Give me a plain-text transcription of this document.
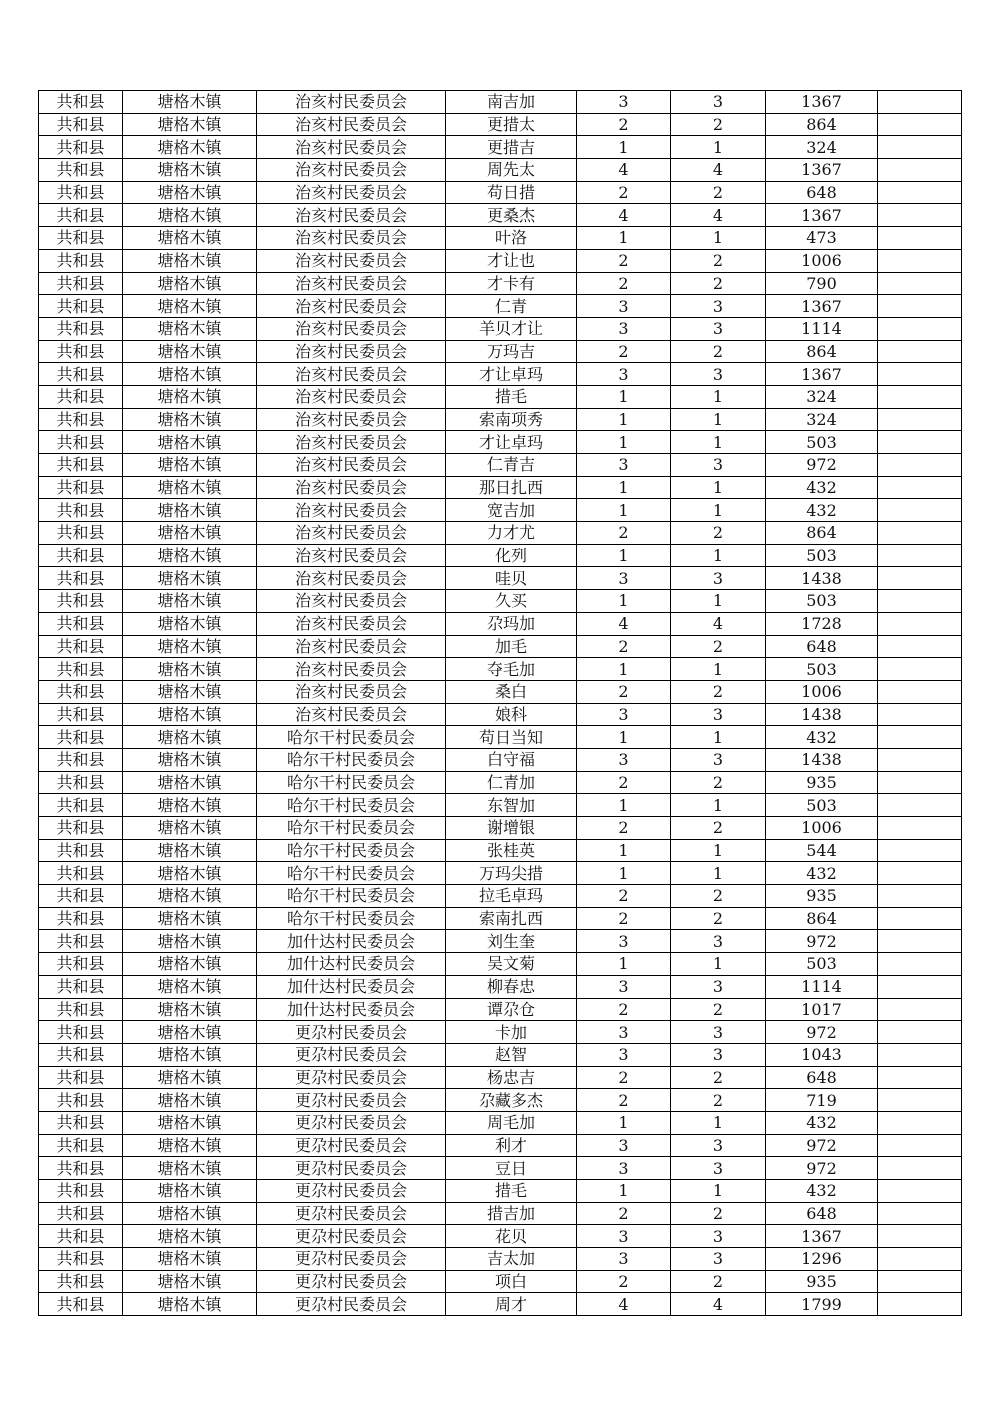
共和县	塘格木镇	治亥村民委员会	南吉加	3	3	1367	
共和县	塘格木镇	治亥村民委员会	更措太	2	2	864	
共和县	塘格木镇	治亥村民委员会	更措吉	1	1	324	
共和县	塘格木镇	治亥村民委员会	周先太	4	4	1367	
共和县	塘格木镇	治亥村民委员会	苟日措	2	2	648	
共和县	塘格木镇	治亥村民委员会	更桑杰	4	4	1367	
共和县	塘格木镇	治亥村民委员会	叶洛	1	1	473	
共和县	塘格木镇	治亥村民委员会	才让也	2	2	1006	
共和县	塘格木镇	治亥村民委员会	才卡有	2	2	790	
共和县	塘格木镇	治亥村民委员会	仁青	3	3	1367	
共和县	塘格木镇	治亥村民委员会	羊贝才让	3	3	1114	
共和县	塘格木镇	治亥村民委员会	万玛吉	2	2	864	
共和县	塘格木镇	治亥村民委员会	才让卓玛	3	3	1367	
共和县	塘格木镇	治亥村民委员会	措毛	1	1	324	
共和县	塘格木镇	治亥村民委员会	索南项秀	1	1	324	
共和县	塘格木镇	治亥村民委员会	才让卓玛	1	1	503	
共和县	塘格木镇	治亥村民委员会	仁青吉	3	3	972	
共和县	塘格木镇	治亥村民委员会	那日扎西	1	1	432	
共和县	塘格木镇	治亥村民委员会	宽吉加	1	1	432	
共和县	塘格木镇	治亥村民委员会	力才尤	2	2	864	
共和县	塘格木镇	治亥村民委员会	化列	1	1	503	
共和县	塘格木镇	治亥村民委员会	哇贝	3	3	1438	
共和县	塘格木镇	治亥村民委员会	久买	1	1	503	
共和县	塘格木镇	治亥村民委员会	尕玛加	4	4	1728	
共和县	塘格木镇	治亥村民委员会	加毛	2	2	648	
共和县	塘格木镇	治亥村民委员会	夺毛加	1	1	503	
共和县	塘格木镇	治亥村民委员会	桑白	2	2	1006	
共和县	塘格木镇	治亥村民委员会	娘科	3	3	1438	
共和县	塘格木镇	哈尔干村民委员会	苟日当知	1	1	432	
共和县	塘格木镇	哈尔干村民委员会	白守福	3	3	1438	
共和县	塘格木镇	哈尔干村民委员会	仁青加	2	2	935	
共和县	塘格木镇	哈尔干村民委员会	东智加	1	1	503	
共和县	塘格木镇	哈尔干村民委员会	谢增银	2	2	1006	
共和县	塘格木镇	哈尔干村民委员会	张桂英	1	1	544	
共和县	塘格木镇	哈尔干村民委员会	万玛尖措	1	1	432	
共和县	塘格木镇	哈尔干村民委员会	拉毛卓玛	2	2	935	
共和县	塘格木镇	哈尔干村民委员会	索南扎西	2	2	864	
共和县	塘格木镇	加什达村民委员会	刘生奎	3	3	972	
共和县	塘格木镇	加什达村民委员会	吴文菊	1	1	503	
共和县	塘格木镇	加什达村民委员会	柳春忠	3	3	1114	
共和县	塘格木镇	加什达村民委员会	谭尕仓	2	2	1017	
共和县	塘格木镇	更尕村民委员会	卡加	3	3	972	
共和县	塘格木镇	更尕村民委员会	赵智	3	3	1043	
共和县	塘格木镇	更尕村民委员会	杨忠吉	2	2	648	
共和县	塘格木镇	更尕村民委员会	尕藏多杰	2	2	719	
共和县	塘格木镇	更尕村民委员会	周毛加	1	1	432	
共和县	塘格木镇	更尕村民委员会	利才	3	3	972	
共和县	塘格木镇	更尕村民委员会	豆日	3	3	972	
共和县	塘格木镇	更尕村民委员会	措毛	1	1	432	
共和县	塘格木镇	更尕村民委员会	措吉加	2	2	648	
共和县	塘格木镇	更尕村民委员会	花贝	3	3	1367	
共和县	塘格木镇	更尕村民委员会	吉太加	3	3	1296	
共和县	塘格木镇	更尕村民委员会	项白	2	2	935	
共和县	塘格木镇	更尕村民委员会	周才	4	4	1799	
